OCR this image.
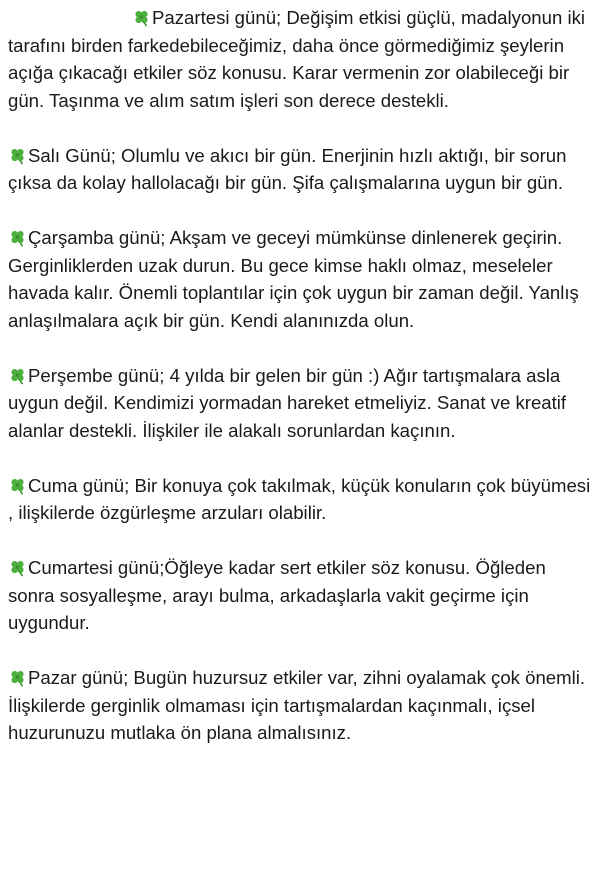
Pazartesi günü; Değişim etkisi güçlü, madalyonun iki tarafını birden farkedebileceğimiz, daha önce görmediğimiz şeylerin açığa çıkacağı etkiler söz konusu. Karar vermenin zor olabileceği bir gün. Taşınma ve alım satım işleri son derece destekli.

Salı Günü; Olumlu ve akıcı bir gün. Enerjinin hızlı aktığı, bir sorun çıksa da kolay hallolacağı bir gün. Şifa çalışmalarına uygun bir gün.

Çarşamba günü; Akşam ve geceyi mümkünse dinlenerek geçirin. Gerginliklerden uzak durun. Bu gece kimse haklı olmaz, meseleler havada kalır. Önemli toplantılar için çok uygun bir zaman değil. Yanlış anlaşılmalara açık bir gün. Kendi alanınızda olun.

Perşembe günü; 4 yılda bir gelen bir gün :) Ağır tartışmalara asla uygun değil. Kendimizi yormadan hareket etmeliyiz. Sanat ve kreatif alanlar destekli. İlişkiler ile alakalı sorunlardan kaçının.

Cuma günü; Bir konuya çok takılmak, küçük konuların çok büyümesi , ilişkilerde özgürleşme arzuları olabilir.

Cumartesi günü;Öğleye kadar sert etkiler söz konusu. Öğleden sonra sosyalleşme, arayı bulma, arkadaşlarla vakit geçirme için uygundur.

Pazar günü; Bugün huzursuz etkiler var, zihni oyalamak çok önemli. İlişkilerde gerginlik olmaması için tartışmalardan kaçınmalı, içsel huzurunuzu mutlaka ön plana almalısınız.
